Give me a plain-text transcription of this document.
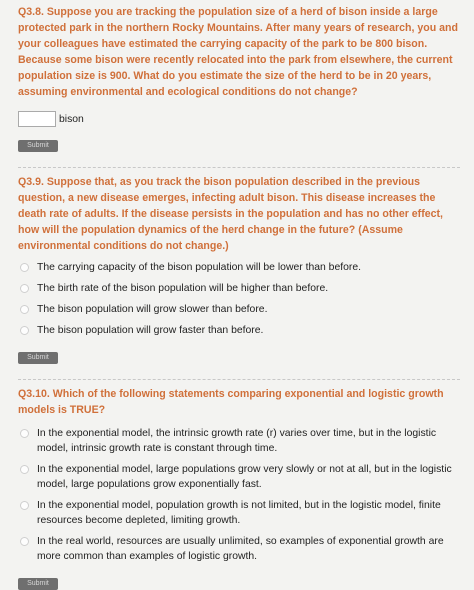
Q3.8. Suppose you are tracking the population size of a herd of bison inside a large protected park in the northern Rocky Mountains. After many years of research, you and your colleagues have estimated the carrying capacity of the park to be 800 bison. Because some bison were recently relocated into the park from elsewhere, the current population size is 900. What do you estimate the size of the herd to be in 20 years, assuming environmental and ecological conditions do not change?

bison
Submit

Q3.9. Suppose that, as you track the bison population described in the previous question, a new disease emerges, infecting adult bison. This disease increases the death rate of adults. If the disease persists in the population and has no other effect, how will the population dynamics of the herd change in the future? (Assume environmental conditions do not change.)

The carrying capacity of the bison population will be lower than before.
The birth rate of the bison population will be higher than before.
The bison population will grow slower than before.
The bison population will grow faster than before.
Submit

Q3.10. Which of the following statements comparing exponential and logistic growth models is TRUE?

In the exponential model, the intrinsic growth rate (r) varies over time, but in the logistic model, intrinsic growth rate is constant through time.
In the exponential model, large populations grow very slowly or not at all, but in the logistic model, large populations grow exponentially fast.
In the exponential model, population growth is not limited, but in the logistic model, finite resources become depleted, limiting growth.
In the real world, resources are usually unlimited, so examples of exponential growth are more common than examples of logistic growth.
Submit
